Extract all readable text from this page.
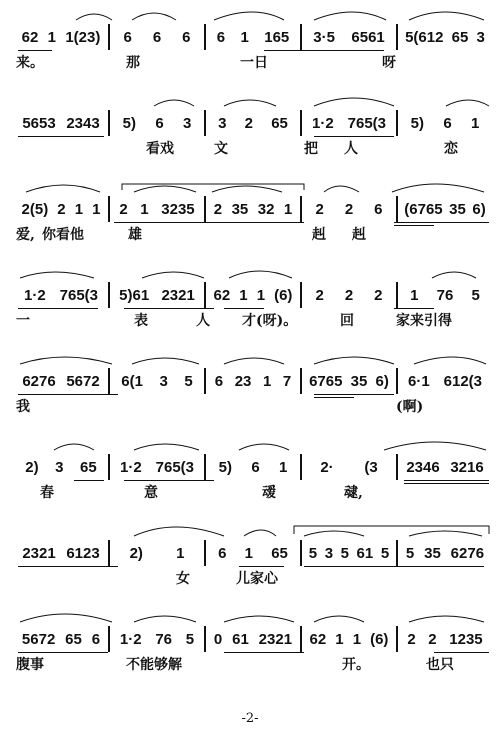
62 1 1(23) 6 6 6 6 1 165 3·5 6561 5(612 65 3
来。	那	一日	呀
5653 2343 5) 6 3 3 2 65 1·2 765(3 5) 6 1
看戏	文	把 人	恋
2(5) 2 1 1 2 1 3235 2 35 32 1 2 2 6 (6765 35 6)
爱, 你看他	雄	赳 赳
1·2 765(3 5)61 2321 62 1 1 (6) 2 2 2 1 76 5
一	表	人 才(呀)。	回	家来引得
6276 5672 6(1 3 5 6 23 1 7 6765 35 6) 6·1 612(3
我	(啊)
2) 3 65 1·2 765(3 5) 6 1 2· (3 2346 3216
春	意	叆	叇,
2321 6123 2) 1 6 1 65 5 3 5 61 5 5 35 6276
女	儿家心
5672 65 6 1·2 76 5 0 61 2321 62 1 1 (6) 2 2 1235
腹事	不能够解	开。	也只
-2-
